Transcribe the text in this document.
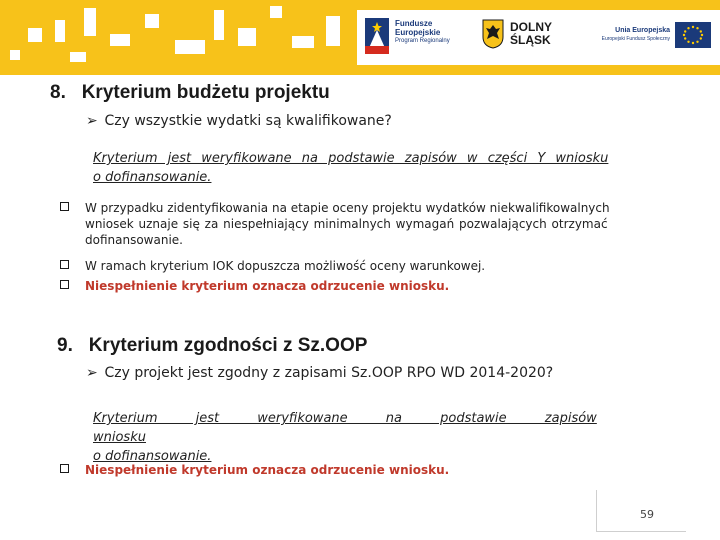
Fundusze
Europejskie
Program Regionalny
DOLNY
ŚLĄSK
Unia Europejska
Europejski Fundusz Społeczny
8. Kryterium budżetu projektu
➢ Czy wszystkie wydatki są kwalifikowane?
Kryterium jest weryfikowane na podstawie zapisów w części Y wniosku
o dofinansowanie.
W przypadku zidentyfikowania na etapie oceny projektu wydatków niekwalifikowalnych
wniosek uznaje się za niespełniający minimalnych wymagań pozwalających otrzymać
dofinansowanie.
W ramach kryterium IOK dopuszcza możliwość oceny warunkowej.
Niespełnienie kryterium oznacza odrzucenie wniosku.
9. Kryterium zgodności z Sz.OOP
➢ Czy projekt jest zgodny z zapisami Sz.OOP RPO WD 2014-2020?
Kryterium jest weryfikowane na podstawie zapisów wniosku
o dofinansowanie.
Niespełnienie kryterium oznacza odrzucenie wniosku.
59
